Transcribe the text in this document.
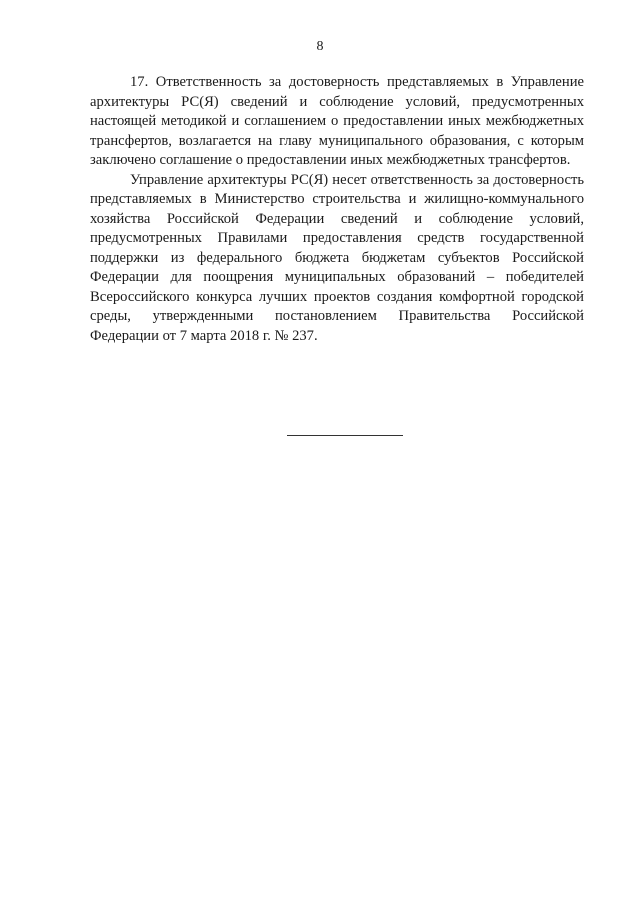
8

17. Ответственность за достоверность представляемых в Управление архитектуры РС(Я) сведений и соблюдение условий, предусмотренных настоящей методикой и соглашением о предоставлении иных межбюджетных трансфертов, возлагается на главу муниципального образования, с которым заключено соглашение о предоставлении иных межбюджетных трансфертов.

Управление архитектуры РС(Я) несет ответственность за достоверность представляемых в Министерство строительства и жилищно-коммунального хозяйства Российской Федерации сведений и соблюдение условий, предусмотренных Правилами предоставления средств государственной поддержки из федерального бюджета бюджетам субъектов Российской Федерации для поощрения муниципальных образований – победителей Всероссийского конкурса лучших проектов создания комфортной городской среды, утвержденными постановлением Правительства Российской Федерации от 7 марта 2018 г. № 237.
